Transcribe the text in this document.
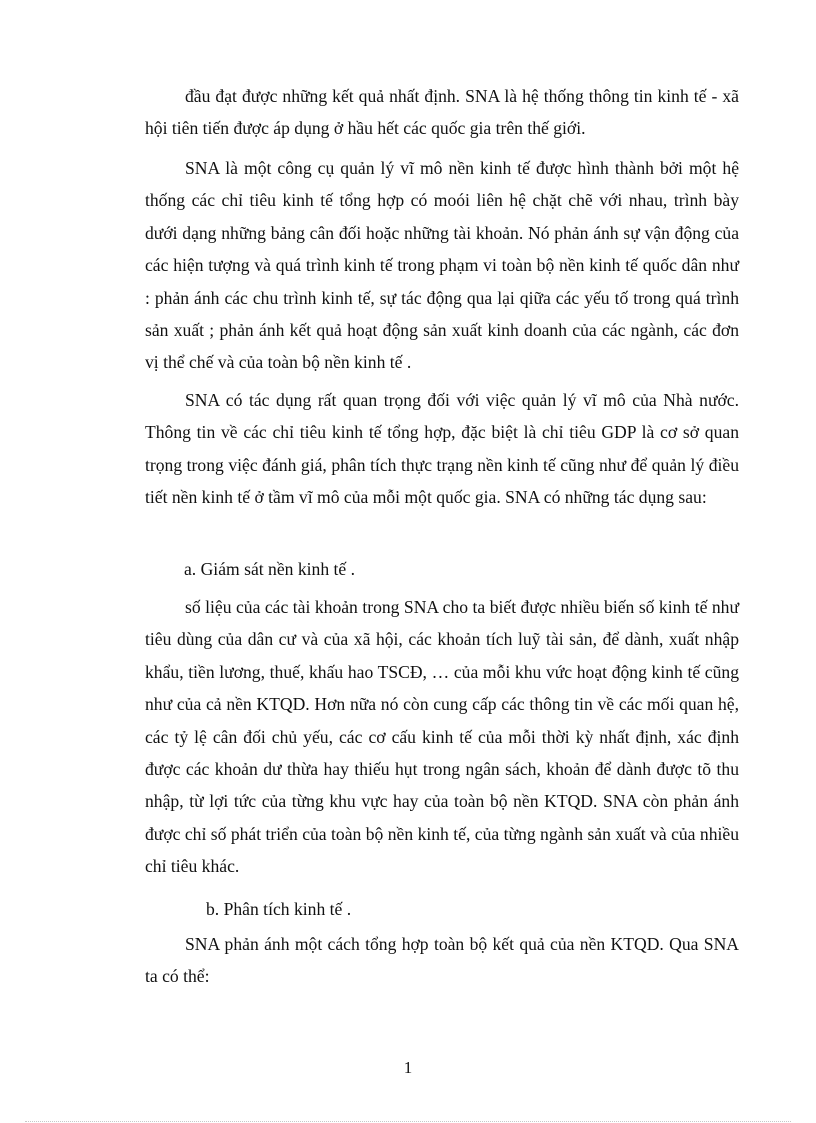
đầu đạt được những kết quả nhất định. SNA là hệ thống thông tin kinh tế - xã hội tiên tiến được áp dụng ở hầu hết các quốc gia trên thế giới.

SNA là một công cụ quản lý vĩ mô nền kinh tế được hình thành bởi một hệ thống các chỉ tiêu kinh tế tổng hợp có moói liên hệ chặt chẽ với nhau, trình bày dưới dạng những bảng cân đối hoặc những tài khoản. Nó phản ánh sự vận động của các hiện tượng và quá trình kinh tế trong phạm vi toàn bộ nền kinh tế quốc dân như : phản ánh các chu trình kinh tế, sự tác động qua lại qiữa các yếu tố trong quá trình sản xuất ; phản ánh kết quả hoạt động sản xuất kinh doanh của các ngành, các đơn vị thể chế và của toàn bộ nền kinh tế .

SNA có tác dụng rất quan trọng đối với việc quản lý vĩ mô của Nhà nước. Thông tin về các chỉ tiêu kinh tế tổng hợp, đặc biệt là chỉ tiêu GDP là cơ sở quan trọng trong việc đánh giá, phân tích thực trạng nền kinh tế cũng như để quản lý điều tiết nền kinh tế ở tầm vĩ mô của mỗi một quốc gia. SNA có những tác dụng sau:

a. Giám sát nền kinh tế .

số liệu của các tài khoản trong SNA cho ta biết được nhiều biến số kinh tế như tiêu dùng của dân cư và của xã hội, các khoản tích luỹ tài sản, để dành, xuất nhập khẩu, tiền lương, thuế, khấu hao TSCĐ, … của mỗi khu vức hoạt động kinh tế cũng như của cả nền KTQD. Hơn nữa nó còn cung cấp các thông tin về các mối quan hệ, các tỷ lệ cân đối chủ yếu, các cơ cấu kinh tế của mỗi thời kỳ nhất định, xác định được các khoản dư thừa hay thiếu hụt trong ngân sách, khoản để dành được tõ thu nhập, từ lợi tức của từng khu vực hay của toàn bộ nền KTQD. SNA còn phản ánh được chỉ số phát triển của toàn bộ nền kinh tế, của từng ngành sản xuất và của nhiều chỉ tiêu khác.

b. Phân tích kinh tế .

SNA phản ánh một cách tổng hợp toàn bộ kết quả của nền KTQD. Qua SNA ta có thể:

1
